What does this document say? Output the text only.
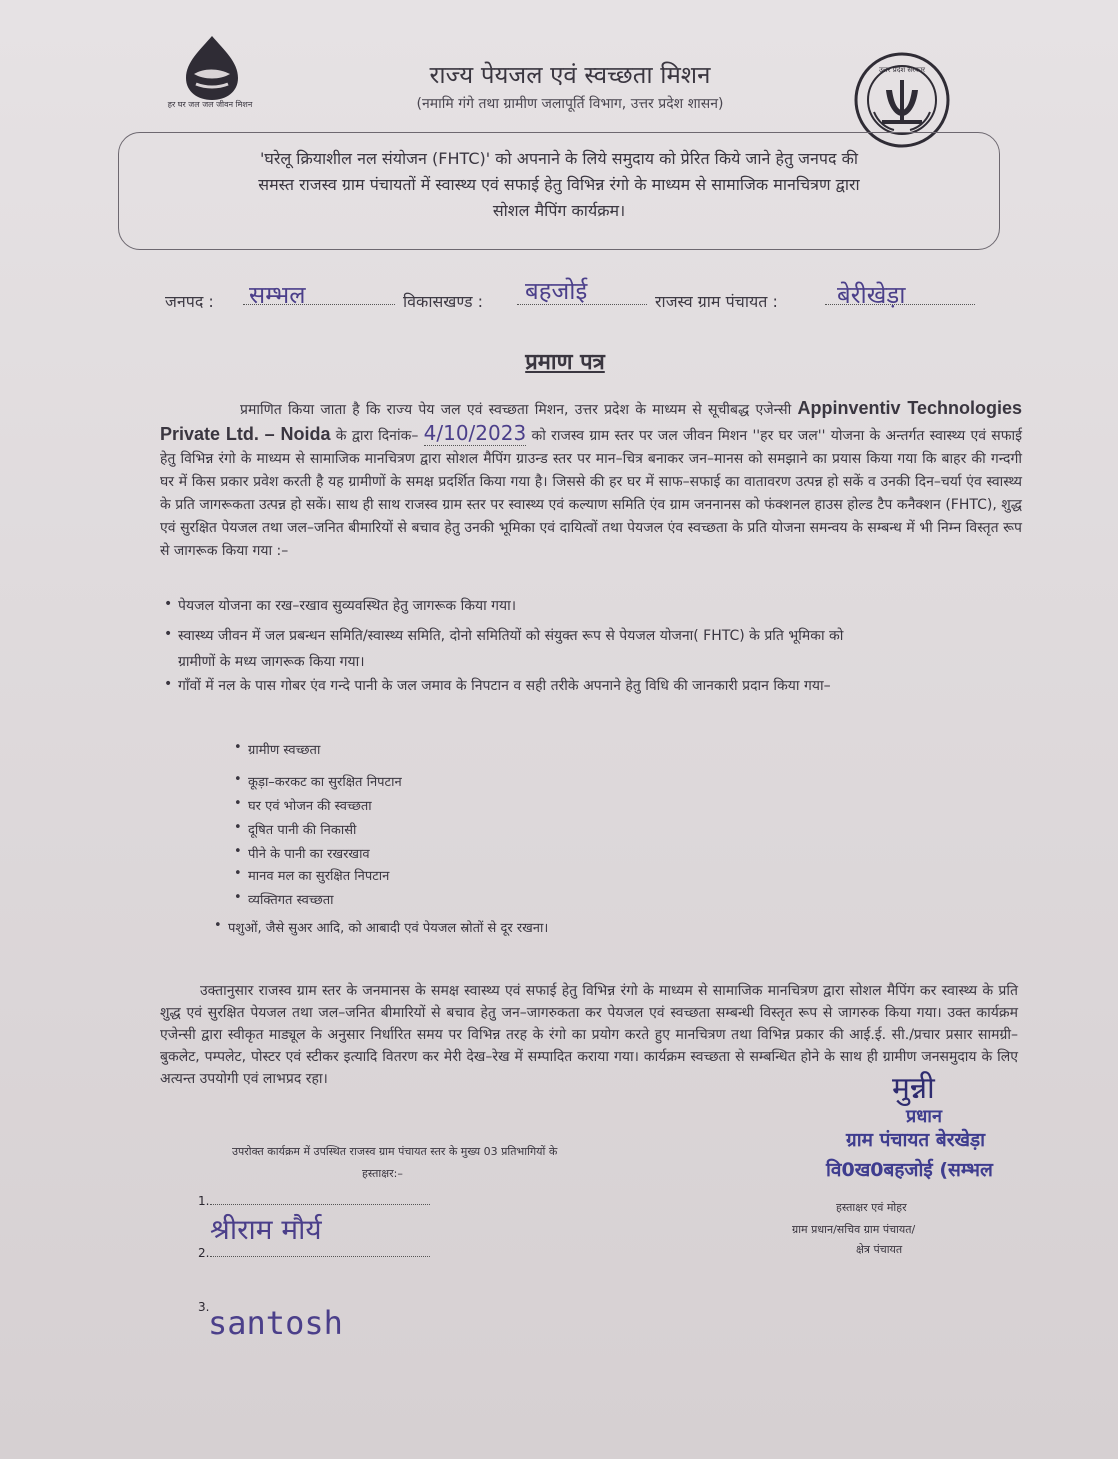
हर घर जल जल जीवन मिशन
राज्य पेयजल एवं स्वच्छता मिशन
(नमामि गंगे तथा ग्रामीण जलापूर्ति विभाग, उत्तर प्रदेश शासन)
उत्तर प्रदेश सरकार
'घरेलू क्रियाशील नल संयोजन (FHTC)' को अपनाने के लिये समुदाय को प्रेरित किये जाने हेतु जनपद की
समस्त राजस्व ग्राम पंचायतों में स्वास्थ्य एवं सफाई हेतु विभिन्न रंगो के माध्यम से सामाजिक मानचित्रण द्वारा
सोशल मैपिंग कार्यक्रम।
जनपद : सम्भल	विकासखण्ड : बहजोई	राजस्व ग्राम पंचायत : बेरीखेड़ा
प्रमाण पत्र
प्रमाणित किया जाता है कि राज्य पेय जल एवं स्वच्छता मिशन, उत्तर प्रदेश के माध्यम से सूचीबद्ध एजेन्सी Appinventiv Technologies Private Ltd. – Noida के द्वारा दिनांक– 4/10/2023 को राजस्व ग्राम स्तर पर जल जीवन मिशन ''हर घर जल'' योजना के अन्तर्गत स्वास्थ्य एवं सफाई हेतु विभिन्न रंगो के माध्यम से सामाजिक मानचित्रण द्वारा सोशल मैपिंग ग्राउन्ड स्तर पर मान–चित्र बनाकर जन–मानस को समझाने का प्रयास किया गया कि बाहर की गन्दगी घर में किस प्रकार प्रवेश करती है यह ग्रामीणों के समक्ष प्रदर्शित किया गया है। जिससे की हर घर में साफ–सफाई का वातावरण उत्पन्न हो सकें व उनकी दिन–चर्या एंव स्वास्थ्य के प्रति जागरूकता उत्पन्न हो सकें। साथ ही साथ राजस्व ग्राम स्तर पर स्वास्थ्य एवं कल्याण समिति एंव ग्राम जननानस को फंक्शनल हाउस होल्ड टैप कनैक्शन (FHTC), शुद्ध एवं सुरक्षित पेयजल तथा जल–जनित बीमारियों से बचाव हेतु उनकी भूमिका एवं दायित्वों तथा पेयजल एंव स्वच्छता के प्रति योजना समन्वय के सम्बन्ध में भी निम्न विस्तृत रूप से जागरूक किया गया :–
• पेयजल योजना का रख–रखाव सुव्यवस्थित हेतु जागरूक किया गया।
• स्वास्थ्य जीवन में जल प्रबन्धन समिति/स्वास्थ्य समिति, दोनो समितियों को संयुक्त रूप से पेयजल योजना( FHTC) के प्रति भूमिका को
ग्रामीणों के मध्य जागरूक किया गया।
• गाँवों में नल के पास गोबर एंव गन्दे पानी के जल जमाव के निपटान व सही तरीके अपनाने हेतु विधि की जानकारी प्रदान किया गया–
• ग्रामीण स्वच्छता
• कूड़ा–करकट का सुरक्षित निपटान
• घर एवं भोजन की स्वच्छता
• दूषित पानी की निकासी
• पीने के पानी का रखरखाव
• मानव मल का सुरक्षित निपटान
• व्यक्तिगत स्वच्छता
• पशुओं, जैसे सुअर आदि, को आबादी एवं पेयजल स्रोतों से दूर रखना।
उक्तानुसार राजस्व ग्राम स्तर के जनमानस के समक्ष स्वास्थ्य एवं सफाई हेतु विभिन्न रंगो के माध्यम से सामाजिक मानचित्रण द्वारा सोशल मैपिंग कर स्वास्थ्य के प्रति शुद्ध एवं सुरक्षित पेयजल तथा जल–जनित बीमारियों से बचाव हेतु जन–जागरुकता कर पेयजल एवं स्वच्छता सम्बन्धी विस्तृत रूप से जागरुक किया गया। उक्त कार्यक्रम एजेन्सी द्वारा स्वीकृत माड्यूल के अनुसार निर्धारित समय पर विभिन्न तरह के रंगो का प्रयोग करते हुए मानचित्रण तथा विभिन्न प्रकार की आई.ई. सी./प्रचार प्रसार सामग्री–बुकलेट, पम्पलेट, पोस्टर एवं स्टीकर इत्यादि वितरण कर मेरी देख–रेख में सम्पादित कराया गया। कार्यक्रम स्वच्छता से सम्बन्धित होने के साथ ही ग्रामीण जनसमुदाय के लिए अत्यन्त उपयोगी एवं लाभप्रद रहा।
उपरोक्त कार्यक्रम में उपस्थित राजस्व ग्राम पंचायत स्तर के मुख्य 03 प्रतिभागियों के
हस्ताक्षर:–
1.
2.
श्रीराम मौर्य
3.
santosh
मुन्नी
प्रधान
ग्राम पंचायत बेरखेड़ा
वि0ख0बहजोई (सम्भल
हस्ताक्षर एवं मोहर
ग्राम प्रधान/सचिव ग्राम पंचायत/
क्षेत्र पंचायत
